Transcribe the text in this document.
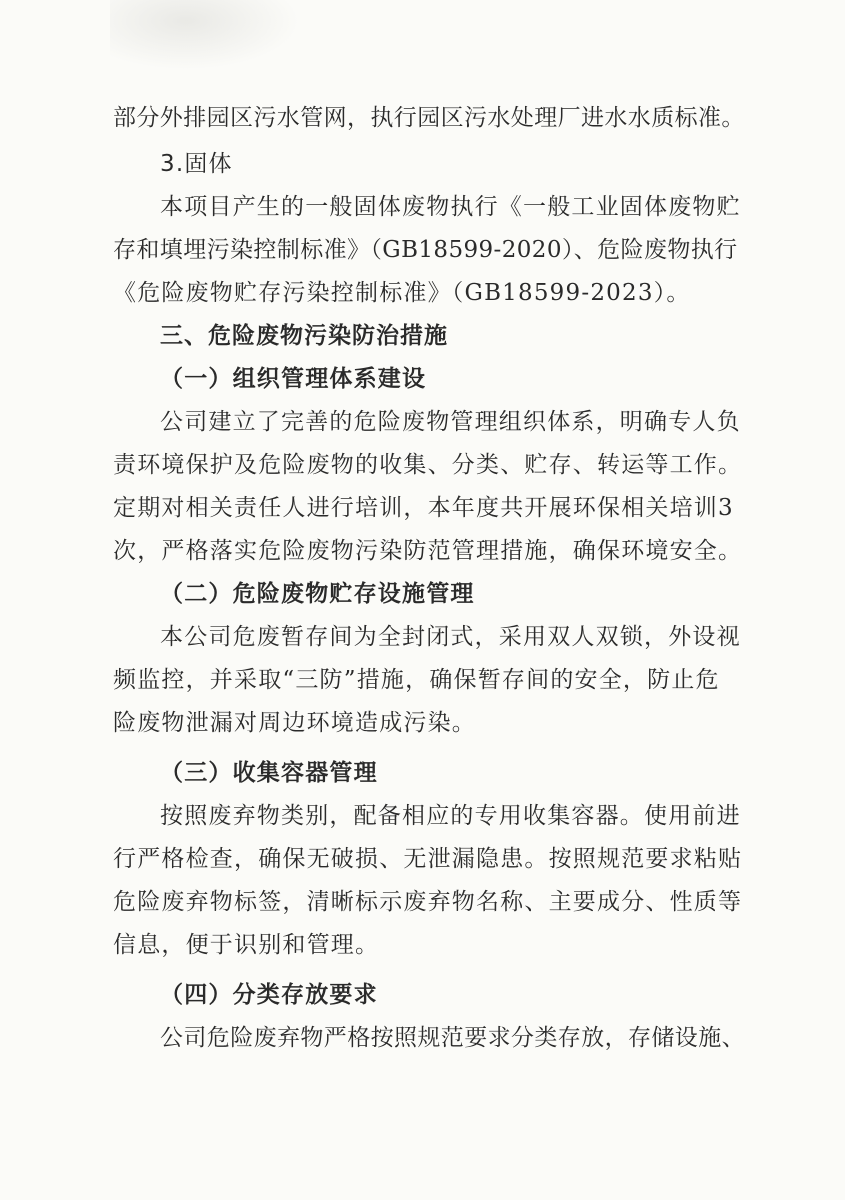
部分外排园区污水管网，执行园区污水处理厂进水水质标准。
3.固体
本项目产生的一般固体废物执行《一般工业固体废物贮
存和填埋污染控制标准》（GB18599-2020）、危险废物执行
《危险废物贮存污染控制标准》（GB18599-2023）。
三、危险废物污染防治措施
（一）组织管理体系建设
公司建立了完善的危险废物管理组织体系，明确专人负
责环境保护及危险废物的收集、分类、贮存、转运等工作。
定期对相关责任人进行培训，本年度共开展环保相关培训3
次，严格落实危险废物污染防范管理措施，确保环境安全。
（二）危险废物贮存设施管理
本公司危废暂存间为全封闭式，采用双人双锁，外设视
频监控，并采取“三防”措施，确保暂存间的安全，防止危
险废物泄漏对周边环境造成污染。
（三）收集容器管理
按照废弃物类别，配备相应的专用收集容器。使用前进
行严格检查，确保无破损、无泄漏隐患。按照规范要求粘贴
危险废弃物标签，清晰标示废弃物名称、主要成分、性质等
信息，便于识别和管理。
（四）分类存放要求
公司危险废弃物严格按照规范要求分类存放，存储设施、
